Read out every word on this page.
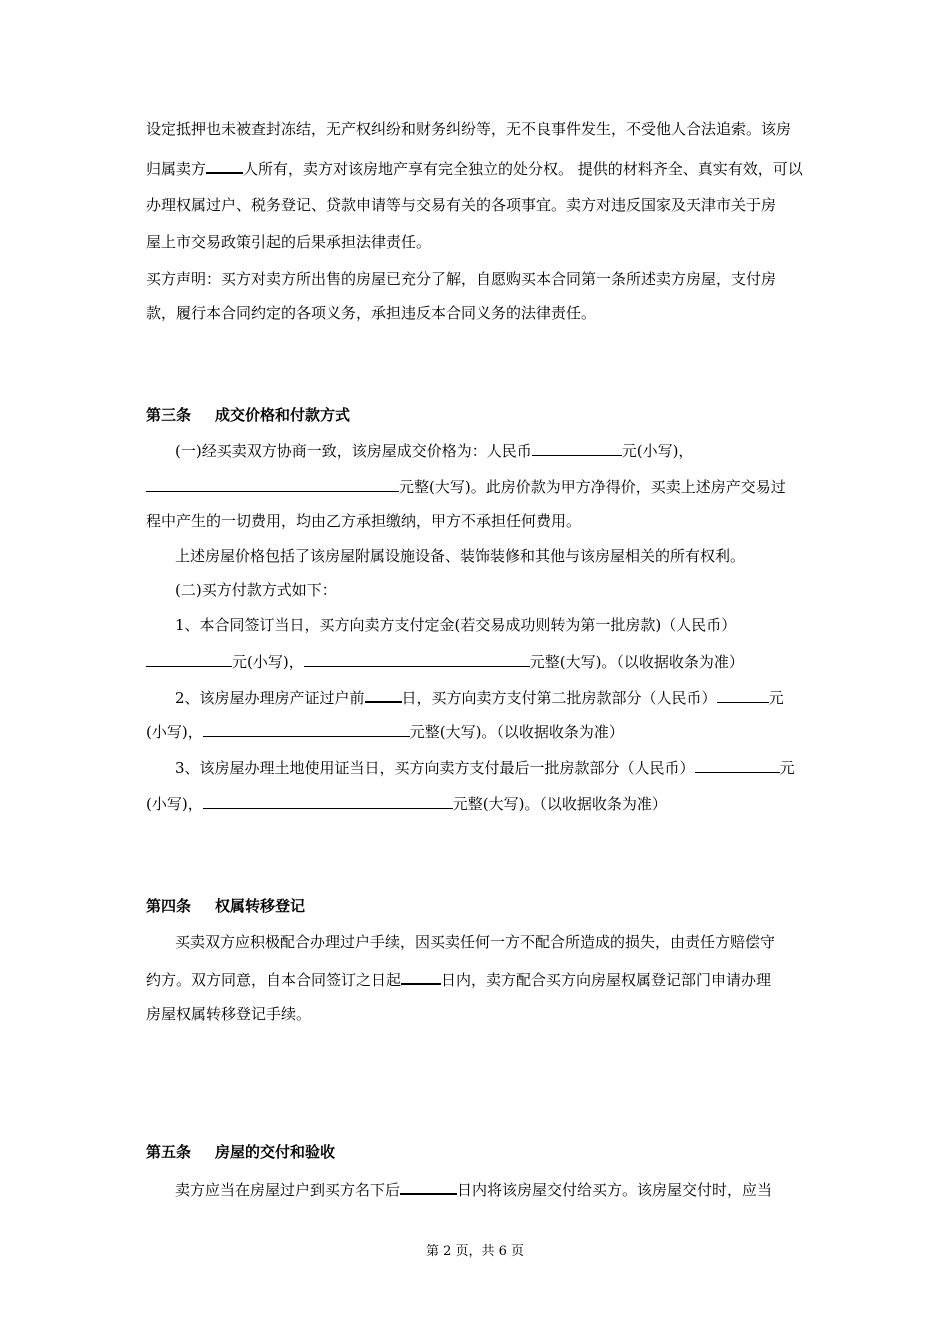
设定抵押也未被查封冻结，无产权纠纷和财务纠纷等，无不良事件发生，不受他人合法追索。该房
归属卖方 人所有，卖方对该房地产享有完全独立的处分权。 提供的材料齐全、真实有效，可以
办理权属过户、税务登记、贷款申请等与交易有关的各项事宜。卖方对违反国家及天津市关于房
屋上市交易政策引起的后果承担法律责任。
买方声明：买方对卖方所出售的房屋已充分了解，自愿购买本合同第一条所述卖方房屋，支付房
款，履行本合同约定的各项义务，承担违反本合同义务的法律责任。
第三条 成交价格和付款方式
(一)经买卖双方协商一致，该房屋成交价格为：人民币	元(小写)，
元整(大写)。此房价款为甲方净得价，买卖上述房产交易过
程中产生的一切费用，均由乙方承担缴纳，甲方不承担任何费用。
上述房屋价格包括了该房屋附属设施设备、装饰装修和其他与该房屋相关的所有权利。
(二)买方付款方式如下：
1、本合同签订当日，买方向卖方支付定金(若交易成功则转为第一批房款)（人民币）
元(小写)，	元整(大写)。（以收据收条为准）
2、该房屋办理房产证过户前 日，买方向卖方支付第二批房款部分（人民币）	元
(小写)，	元整(大写)。（以收据收条为准）
3、该房屋办理土地使用证当日，买方向卖方支付最后一批房款部分（人民币）	元
(小写)，	元整(大写)。（以收据收条为准）
第四条 权属转移登记
买卖双方应积极配合办理过户手续，因买卖任何一方不配合所造成的损失，由责任方赔偿守
约方。双方同意，自本合同签订之日起	日内，卖方配合买方向房屋权属登记部门申请办理
房屋权属转移登记手续。
第五条 房屋的交付和验收
卖方应当在房屋过户到买方名下后	日内将该房屋交付给买方。该房屋交付时，应当
第 2 页，共 6 页
